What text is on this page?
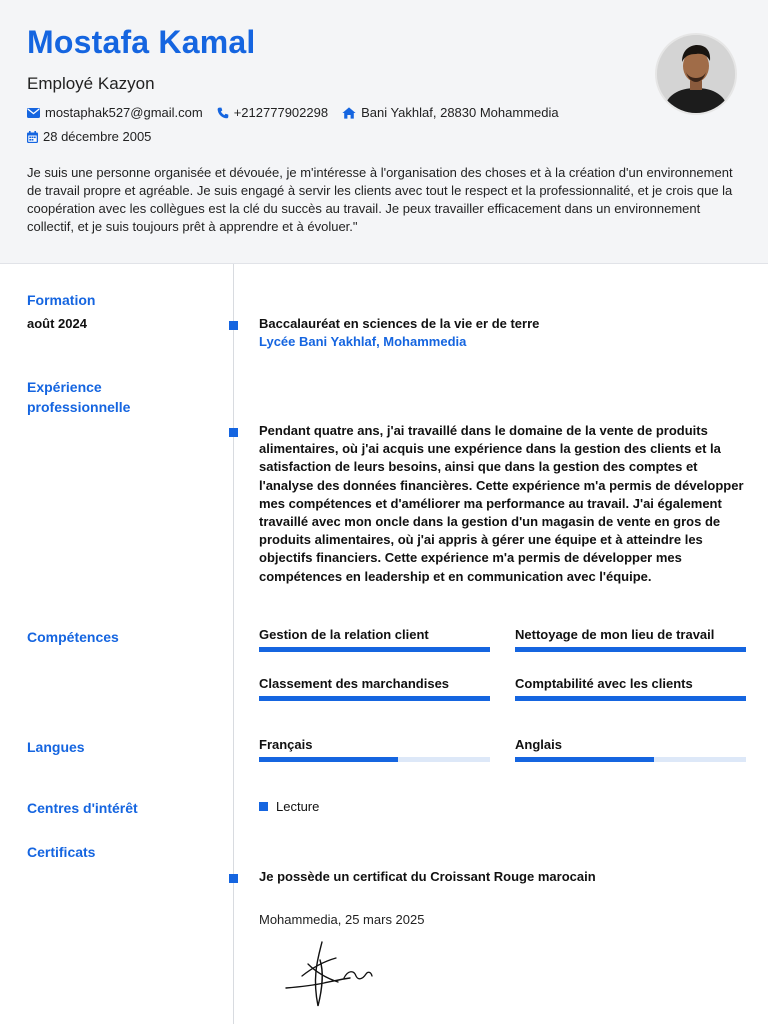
Mostafa Kamal
Employé Kazyon
mostaphak527@gmail.com +212777902298	Bani Yakhlaf, 28830 Mohammedia
28 décembre 2005

Je suis une personne organisée et dévouée, je m'intéresse à l'organisation des choses et à la création d'un environnement de travail propre et agréable. Je suis engagé à servir les clients avec tout le respect et la professionnalité, et je crois que la coopération avec les collègues est la clé du succès au travail. Je peux travailler efficacement dans un environnement collectif, et je suis toujours prêt à apprendre et à évoluer."

Formation
août 2024	Baccalauréat en sciences de la vie er de terre
Lycée Bani Yakhlaf, Mohammedia
Expérience professionnelle

Pendant quatre ans, j'ai travaillé dans le domaine de la vente de produits alimentaires, où j'ai acquis une expérience dans la gestion des clients et la satisfaction de leurs besoins, ainsi que dans la gestion des comptes et l'analyse des données financières. Cette expérience m'a permis de développer mes compétences et d'améliorer ma performance au travail. J'ai également travaillé avec mon oncle dans la gestion d'un magasin de vente en gros de produits alimentaires, où j'ai appris à gérer une équipe et à atteindre les objectifs financiers. Cette expérience m'a permis de développer mes compétences en leadership et en communication avec l'équipe.

Compétences	Gestion de la relation client	Nettoyage de mon lieu de travail
Classement des marchandises	Comptabilité avec les clients
Langues	Français	Anglais
Centres d'intérêt	Lecture
Certificats
Je possède un certificat du Croissant Rouge marocain
Mohammedia, 25 mars 2025
